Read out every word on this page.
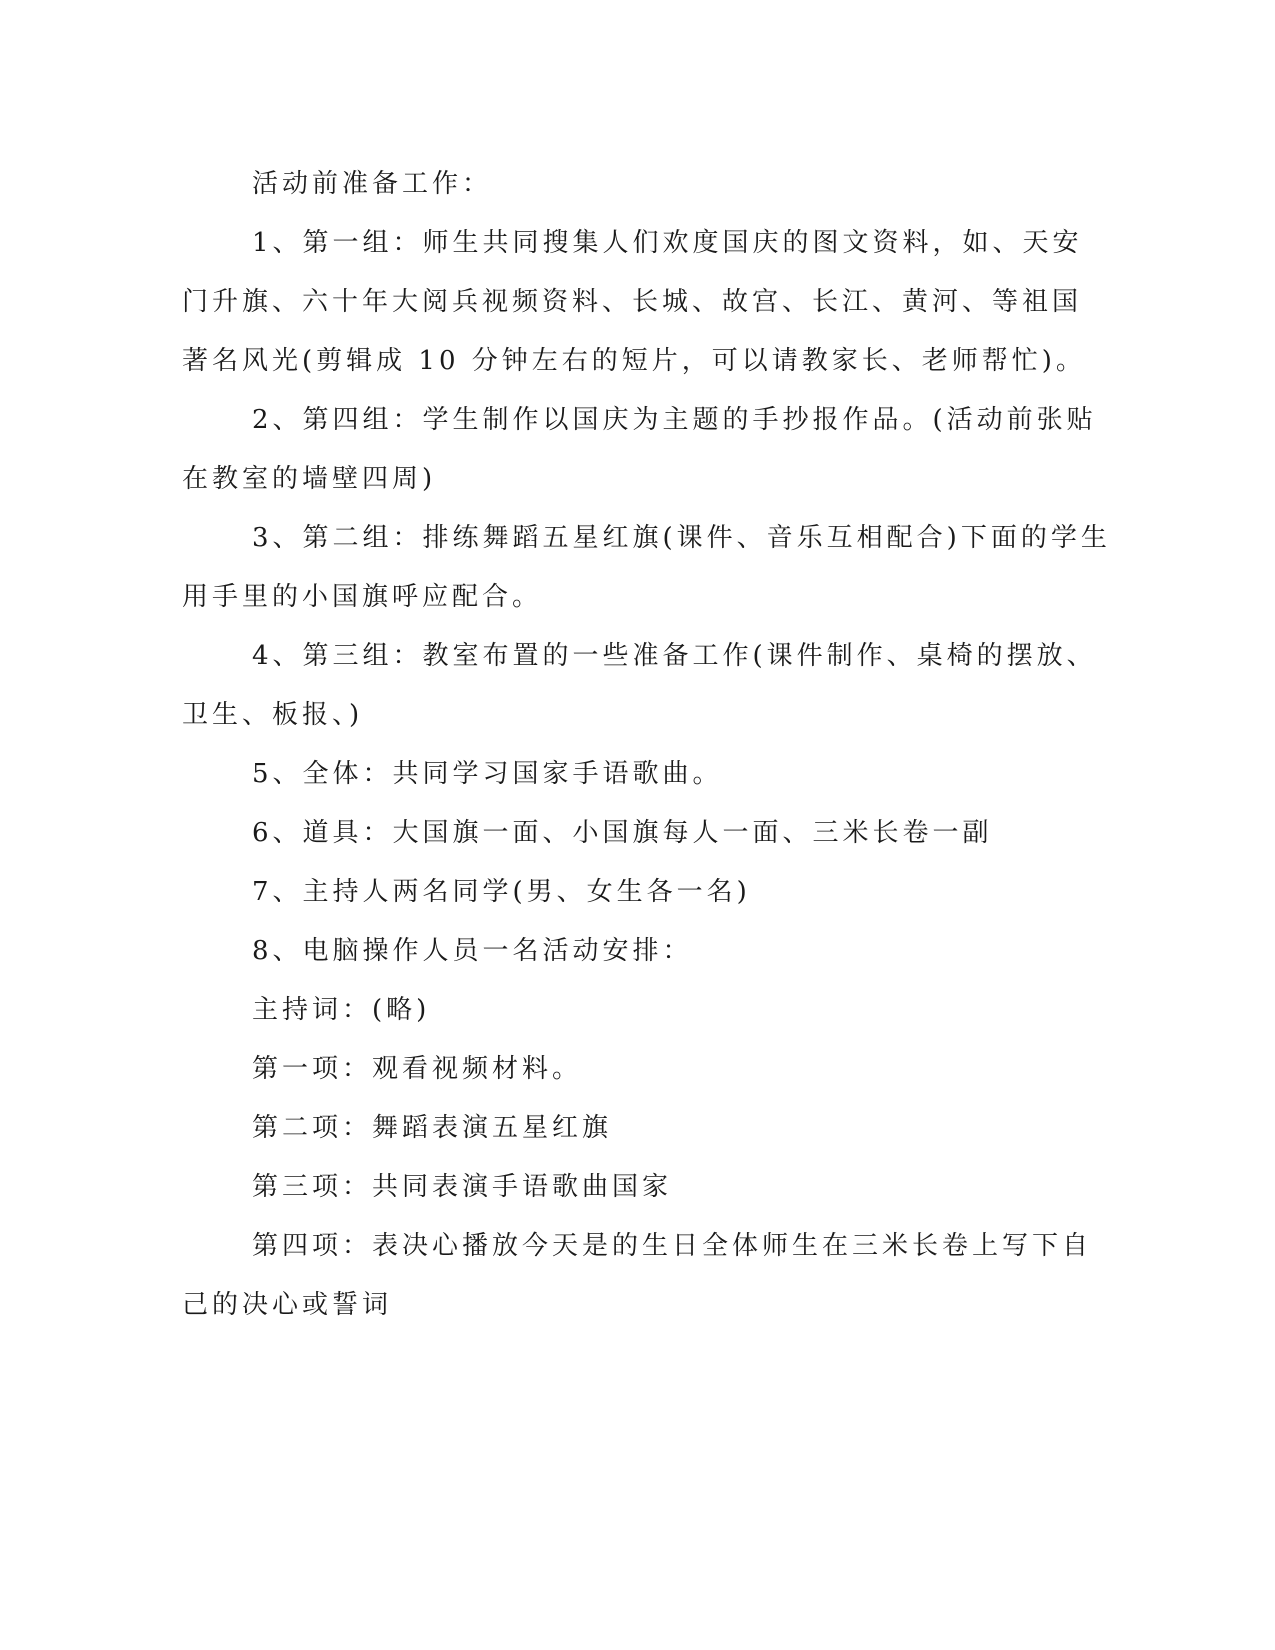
活动前准备工作：
1、第一组：师生共同搜集人们欢度国庆的图文资料，如、天安
门升旗、六十年大阅兵视频资料、长城、故宫、长江、黄河、等祖国
著名风光(剪辑成 10 分钟左右的短片，可以请教家长、老师帮忙)。
2、第四组：学生制作以国庆为主题的手抄报作品。(活动前张贴
在教室的墙壁四周)
3、第二组：排练舞蹈五星红旗(课件、音乐互相配合)下面的学生
用手里的小国旗呼应配合。
4、第三组：教室布置的一些准备工作(课件制作、桌椅的摆放、
卫生、板报、)
5、全体：共同学习国家手语歌曲。
6、道具：大国旗一面、小国旗每人一面、三米长卷一副
7、主持人两名同学(男、女生各一名)
8、电脑操作人员一名活动安排：
主持词：(略)
第一项：观看视频材料。
第二项：舞蹈表演五星红旗
第三项：共同表演手语歌曲国家
第四项：表决心播放今天是的生日全体师生在三米长卷上写下自
己的决心或誓词
